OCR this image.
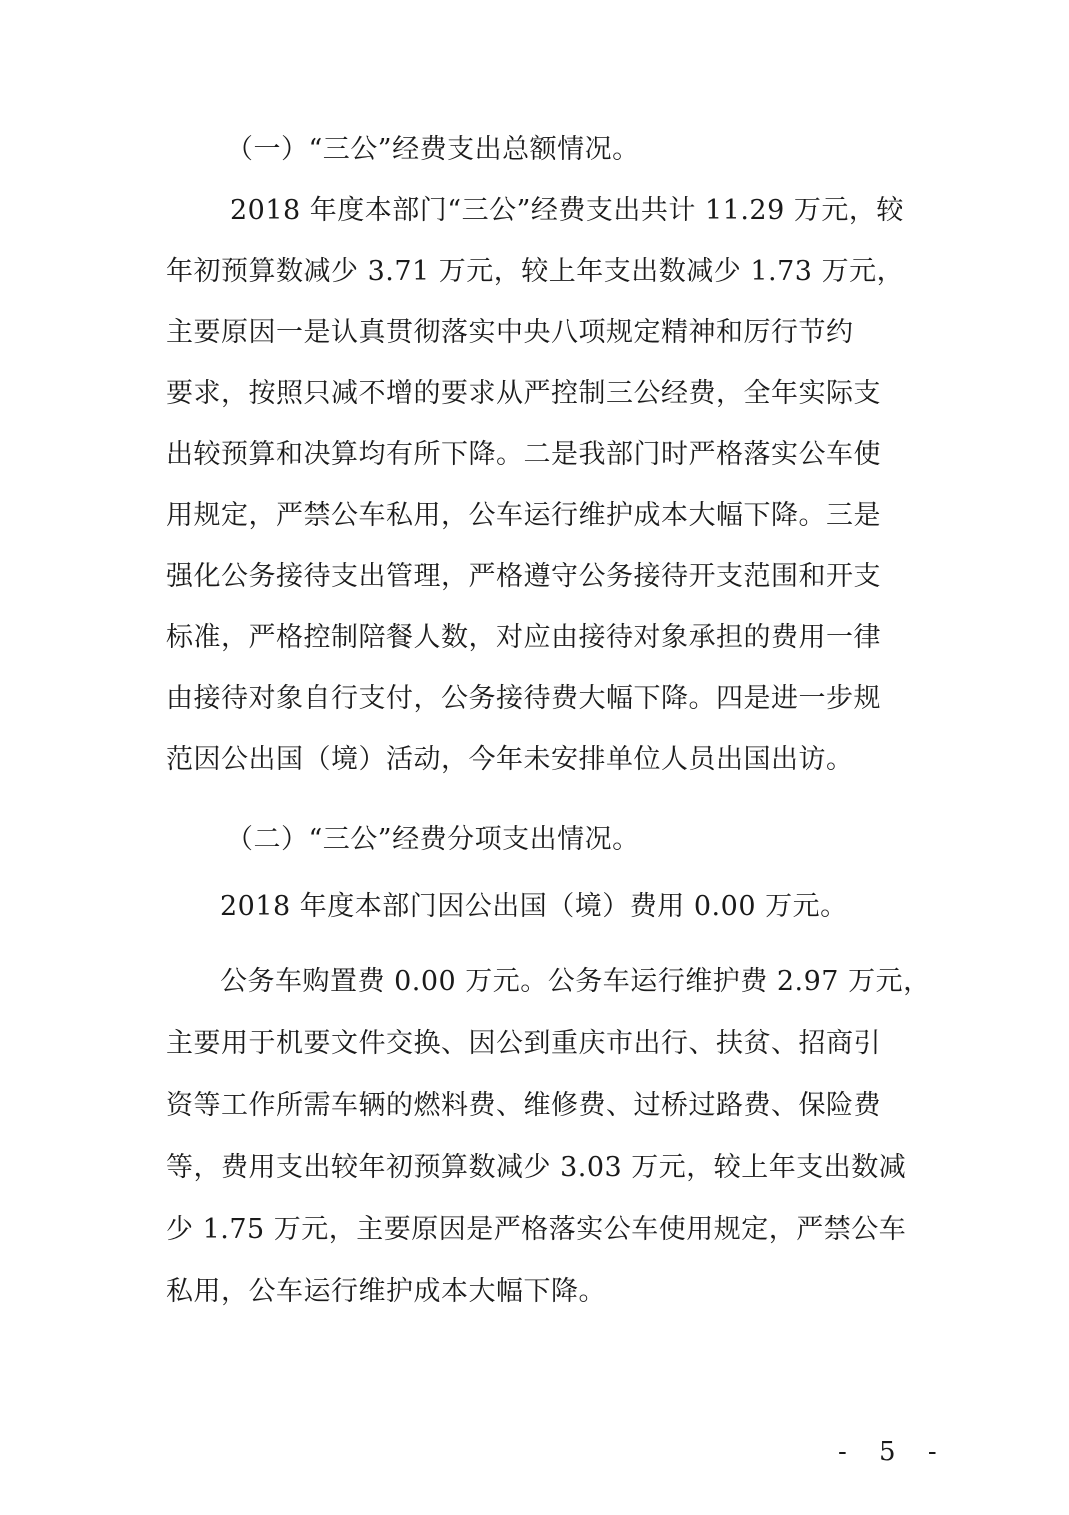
（一）“三公”经费支出总额情况。
2018 年度本部门“三公”经费支出共计 11.29 万元，较
年初预算数减少 3.71 万元，较上年支出数减少 1.73 万元，
主要原因一是认真贯彻落实中央八项规定精神和厉行节约
要求，按照只减不增的要求从严控制三公经费，全年实际支
出较预算和决算均有所下降。二是我部门时严格落实公车使
用规定，严禁公车私用，公车运行维护成本大幅下降。三是
强化公务接待支出管理，严格遵守公务接待开支范围和开支
标准，严格控制陪餐人数，对应由接待对象承担的费用一律
由接待对象自行支付，公务接待费大幅下降。四是进一步规
范因公出国（境）活动，今年未安排单位人员出国出访。
（二）“三公”经费分项支出情况。
2018 年度本部门因公出国（境）费用 0.00 万元。
公务车购置费 0.00 万元。公务车运行维护费 2.97 万元，
主要用于机要文件交换、因公到重庆市出行、扶贫、招商引
资等工作所需车辆的燃料费、维修费、过桥过路费、保险费
等，费用支出较年初预算数减少 3.03 万元，较上年支出数减
少 1.75 万元，主要原因是严格落实公车使用规定，严禁公车
私用，公车运行维护成本大幅下降。
- 5 -
